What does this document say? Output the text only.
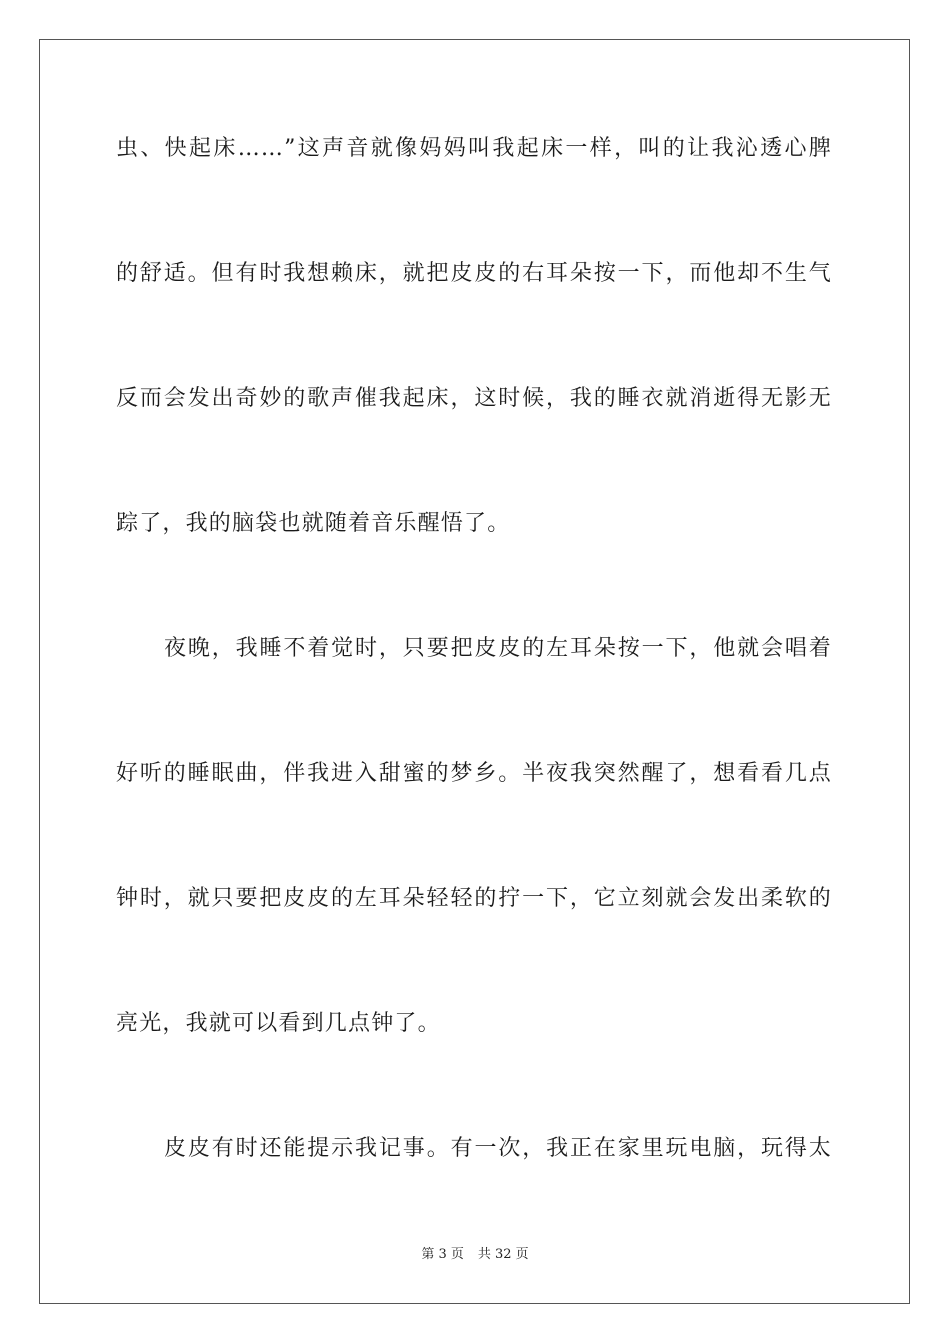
虫、快起床……”这声音就像妈妈叫我起床一样，叫的让我沁透心脾
的舒适。但有时我想赖床，就把皮皮的右耳朵按一下，而他却不生气
反而会发出奇妙的歌声催我起床，这时候，我的睡衣就消逝得无影无
踪了，我的脑袋也就随着音乐醒悟了。
夜晚，我睡不着觉时，只要把皮皮的左耳朵按一下，他就会唱着
好听的睡眠曲，伴我进入甜蜜的梦乡。半夜我突然醒了，想看看几点
钟时，就只要把皮皮的左耳朵轻轻的拧一下，它立刻就会发出柔软的
亮光，我就可以看到几点钟了。
皮皮有时还能提示我记事。有一次，我正在家里玩电脑，玩得太
第 3 页 共 32 页
